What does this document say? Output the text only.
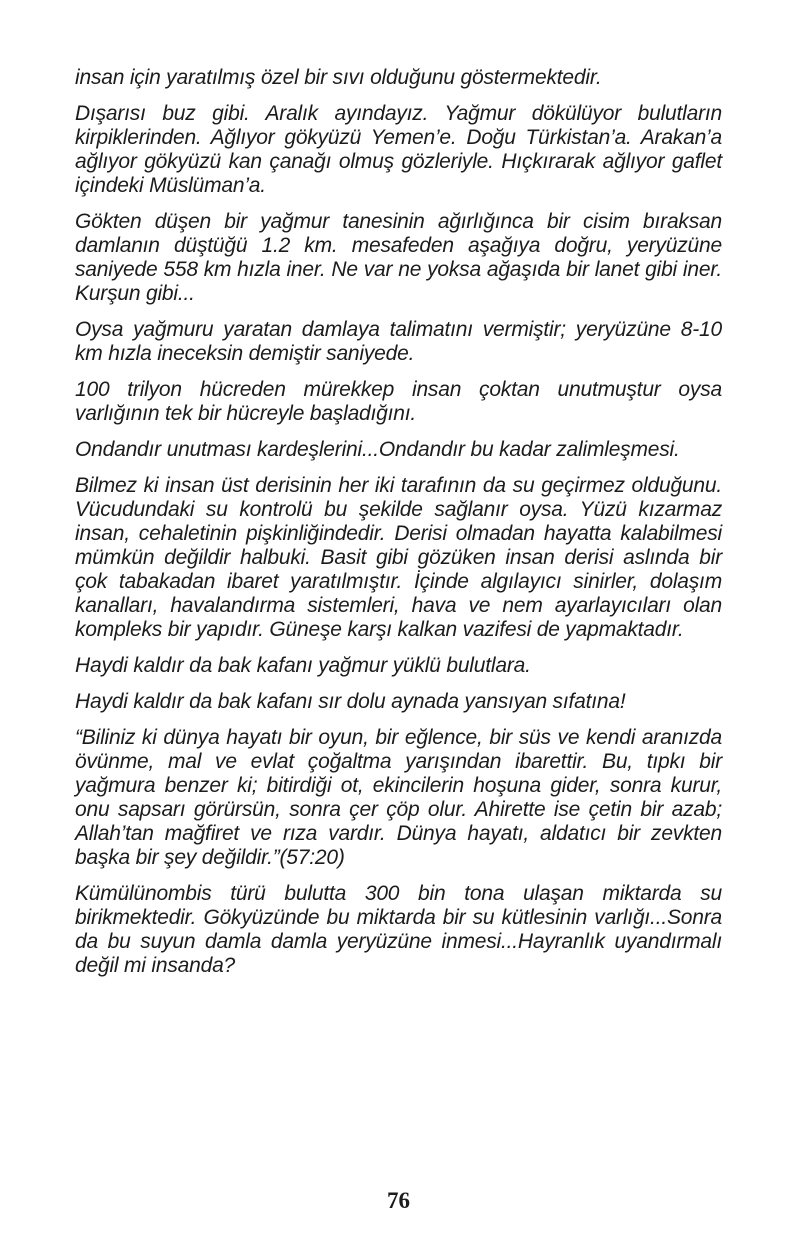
insan için yaratılmış özel bir sıvı olduğunu göstermektedir.

Dışarısı buz gibi. Aralık ayındayız. Yağmur dökülüyor bulutların kirpiklerinden. Ağlıyor gökyüzü Yemen’e. Doğu Türkistan’a. Arakan’a ağlıyor gökyüzü kan çanağı olmuş gözleriyle. Hıçkırarak ağlıyor gaflet içindeki Müslüman’a.

Gökten düşen bir yağmur tanesinin ağırlığınca bir cisim bıraksan damlanın düştüğü 1.2 km. mesafeden aşağıya doğru, yeryüzüne saniyede 558 km hızla iner. Ne var ne yoksa ağaşıda bir lanet gibi iner. Kurşun gibi...

Oysa yağmuru yaratan damlaya talimatını vermiştir; yeryüzüne 8-10 km hızla ineceksin demiştir saniyede.

100 trilyon hücreden mürekkep insan çoktan unutmuştur oysa varlığının tek bir hücreyle başladığını.

Ondandır unutması kardeşlerini...Ondandır bu kadar zalimleşmesi.

Bilmez ki insan üst derisinin her iki tarafının da su geçirmez olduğunu. Vücudundaki su kontrolü bu şekilde sağlanır oysa. Yüzü kızarmaz insan, cehaletinin pişkinliğindedir. Derisi olmadan hayatta kalabilmesi mümkün değildir halbuki. Basit gibi gözüken insan derisi aslında bir çok tabakadan ibaret yaratılmıştır. İçinde algılayıcı sinirler, dolaşım kanalları, havalandırma sistemleri, hava ve nem ayarlayıcıları olan kompleks bir yapıdır. Güneşe karşı kalkan vazifesi de yapmaktadır.

Haydi kaldır da bak kafanı yağmur yüklü bulutlara.

Haydi kaldır da bak kafanı sır dolu aynada yansıyan sıfatına!

“Biliniz ki dünya hayatı bir oyun, bir eğlence, bir süs ve kendi aranızda övünme, mal ve evlat çoğaltma yarışından ibarettir. Bu, tıpkı bir yağmura benzer ki; bitirdiği ot, ekincilerin hoşuna gider, sonra kurur, onu sapsarı görürsün, sonra çer çöp olur. Ahirette ise çetin bir azab; Allah’tan mağfiret ve rıza vardır. Dünya hayatı, aldatıcı bir zevkten başka bir şey değildir.”(57:20)

Kümülünombis türü bulutta 300 bin tona ulaşan miktarda su birikmektedir. Gökyüzünde bu miktarda bir su kütlesinin varlığı...Sonra da bu suyun damla damla yeryüzüne inmesi...Hayranlık uyandırmalı değil mi insanda?

76
